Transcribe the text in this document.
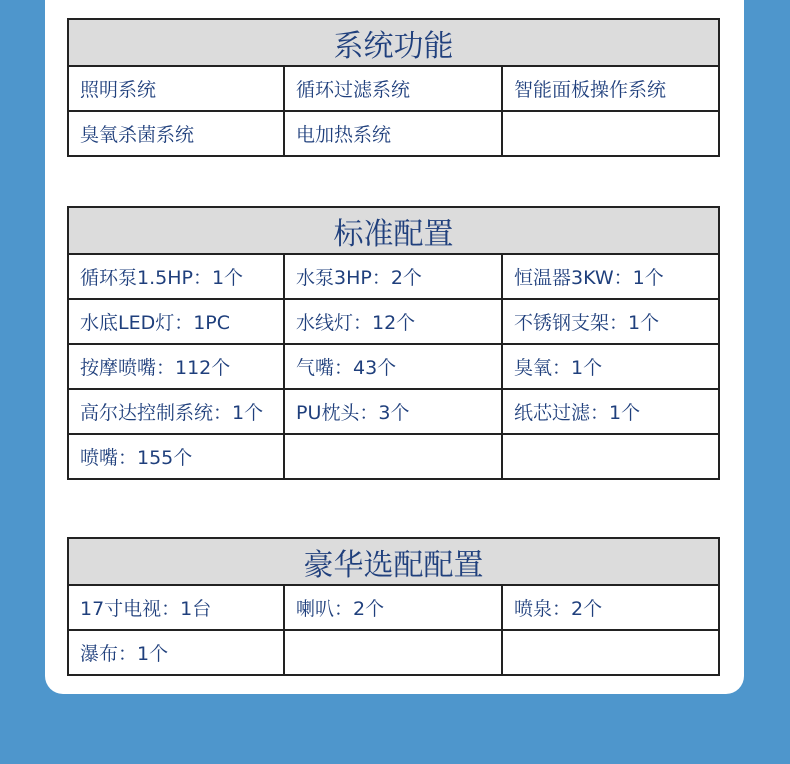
系统功能		
照明系统	循环过滤系统	智能面板操作系统
臭氧杀菌系统	电加热系统	
标准配置		
循环泵1.5HP：1个	水泵3HP：2个	恒温器3KW：1个
水底LED灯：1PC	水线灯：12个	不锈钢支架：1个
按摩喷嘴：112个	气嘴：43个	臭氧：1个
高尔达控制系统：1个	PU枕头：3个	纸芯过滤：1个
喷嘴：155个		
豪华选配配置		
17寸电视：1台	喇叭：2个	喷泉：2个
瀑布：1个		
